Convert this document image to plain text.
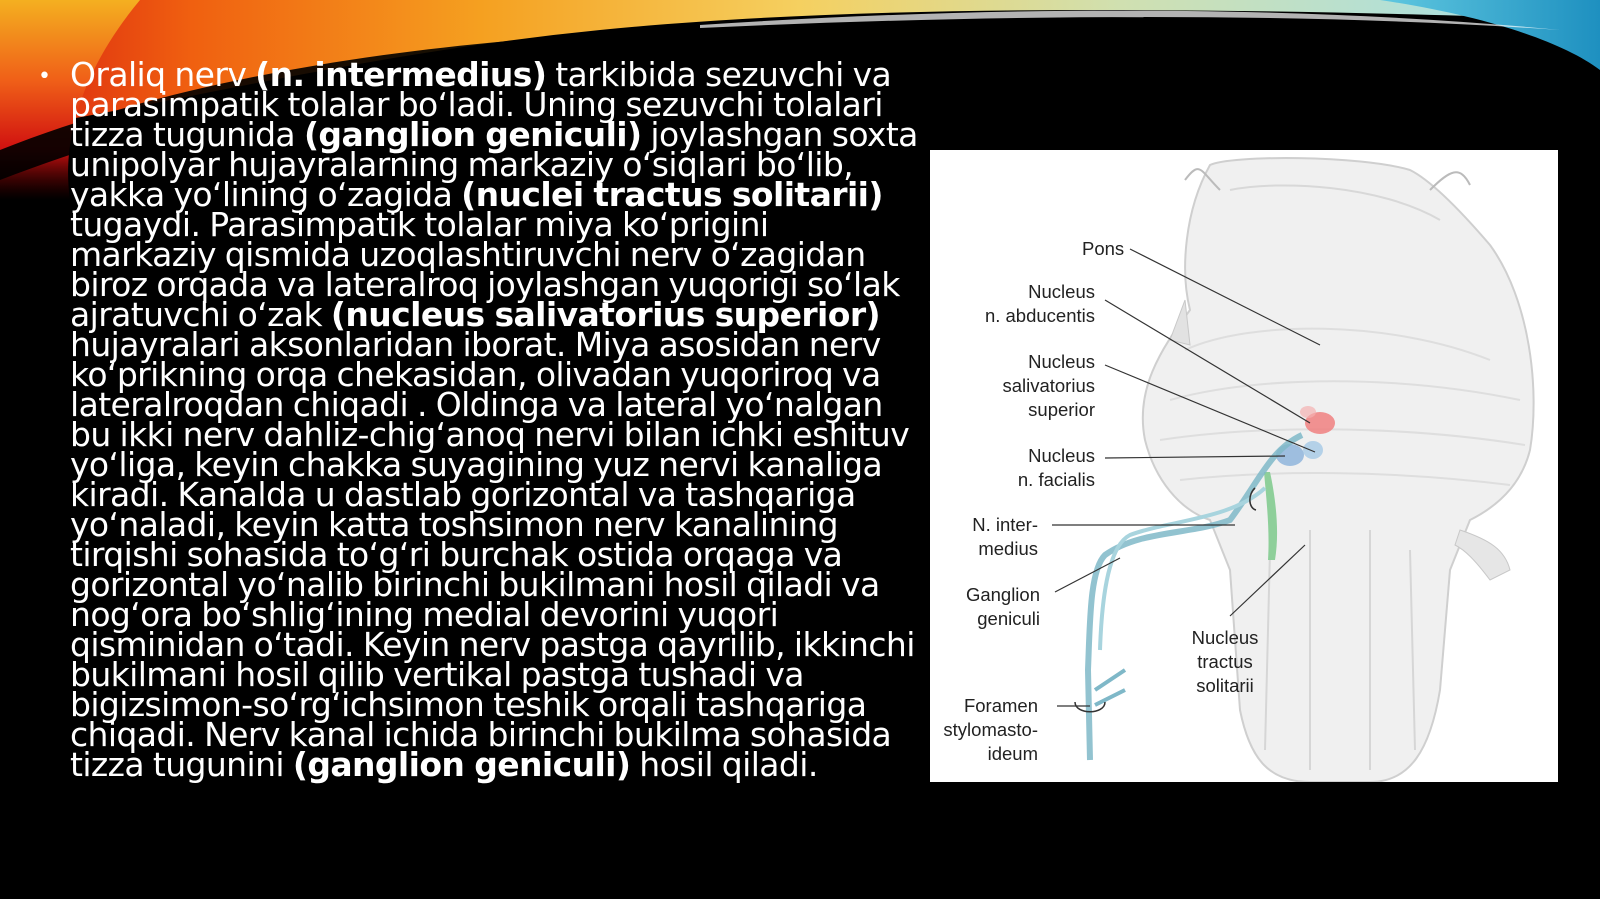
• Oraliq nerv (n. intermedius) tarkibida sezuvchi va parasimpatik tolalar bo‘ladi. Uning sezuvchi tolalari tizza tugunida (ganglion geniculi) joylashgan soxta unipolyar hujayralarning markaziy o‘siqlari bo‘lib, yakka yo‘lining o‘zagida (nuclei tractus solitarii) tugaydi. Parasimpatik tolalar miya ko‘prigini markaziy qismida uzoqlashtiruvchi nerv o‘zagidan biroz orqada va lateralroq joylashgan yuqorigi so‘lak ajratuvchi o‘zak (nucleus salivatorius superior) hujayralari aksonlaridan iborat. Miya asosidan nerv ko‘prikning orqa chekasidan, olivadan yuqoriroq va lateralroqdan chiqadi . Oldinga va lateral yo‘nalgan bu ikki nerv dahliz-chig‘anoq nervi bilan ichki eshituv yo‘liga, keyin chakka suyagining yuz nervi kanaliga kiradi. Kanalda u dastlab gorizontal va tashqariga yo‘naladi, keyin katta toshsimon nerv kanalining tirqishi sohasida to‘g‘ri burchak ostida orqaga va gorizontal yo‘nalib birinchi bukilmani hosil qiladi va nog‘ora bo‘shlig‘ining medial devorini yuqori qisminidan o‘tadi. Keyin nerv pastga qayrilib, ikkinchi bukilmani hosil qilib vertikal pastga tushadi va bigizsimon-so‘rg‘ichsimon teshik orqali tashqariga chiqadi. Nerv kanal ichida birinchi bukilma sohasida tizza tugunini (ganglion geniculi) hosil qiladi.
Pons
Nucleus
n. abducentis
Nucleus
salivatorius
superior
Nucleus
n. facialis
N. inter-
medius
Ganglion
geniculi
Nucleus
tractus
solitarii
Foramen
stylomasto-
ideum
